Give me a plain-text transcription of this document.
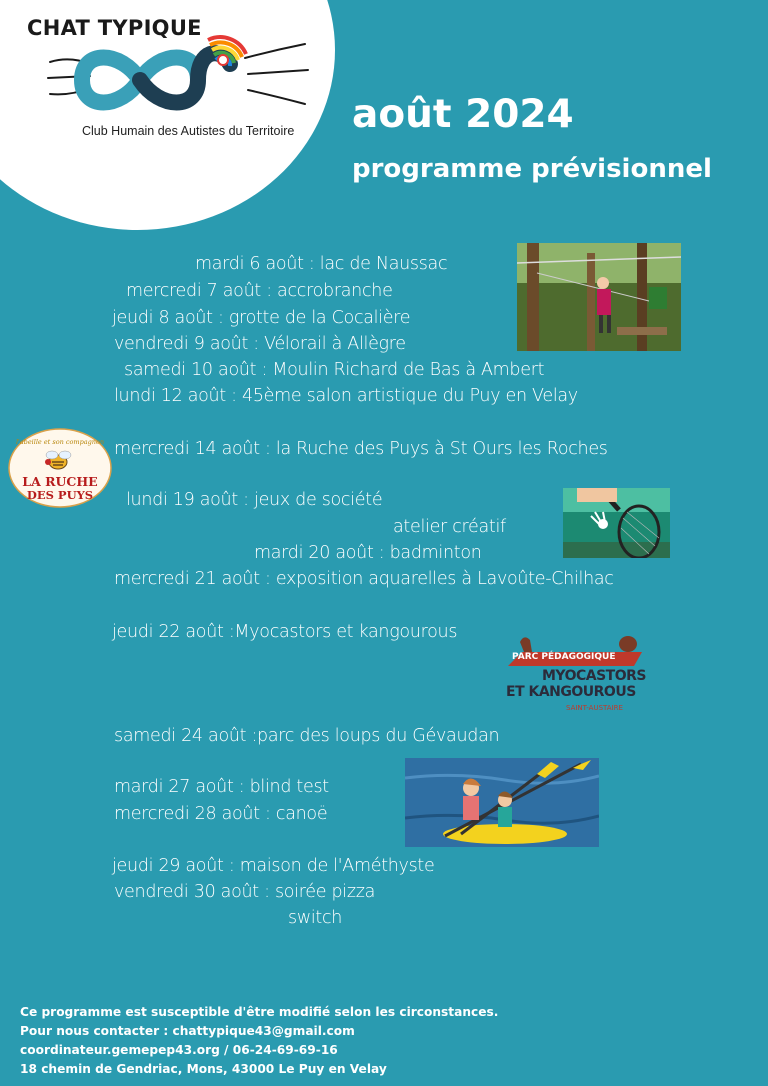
CHAT TYPIQUE
Club Humain des Autistes du Territoire août 2024
programme prévisionnel
mardi 6 août : lac de Naussac
mercredi 7 août : accrobranche
jeudi 8 août : grotte de la Cocalière
vendredi 9 août : Vélorail à Allègre
samedi 10 août : Moulin Richard de Bas à Ambert
lundi 12 août : 45ème salon artistique du Puy en Velay
mercredi 14 août : la Ruche des Puys à St Ours les Roches
lundi 19 août : jeux de société
atelier créatif
mardi 20 août : badminton
mercredi 21 août : exposition aquarelles à Lavoûte-Chilhac
jeudi 22 août :Myocastors et kangourous
samedi 24 août :parc des loups du Gévaudan
mardi 27 août : blind test
mercredi 28 août : canoë
jeudi 29 août : maison de l'Améthyste
vendredi 30 août : soirée pizza
switch
l'abeille et son compagnon
LA RUCHE
DES PUYS
PARC PÉDAGOGIQUE
MYOCASTORS
ET KANGOUROUS
SAINT-AUSTAIRE
Ce programme est susceptible d'être modifié selon les circonstances.
Pour nous contacter : chattypique43@gmail.com
coordinateur.gemepep43.org / 06-24-69-69-16
18 chemin de Gendriac, Mons, 43000 Le Puy en Velay
